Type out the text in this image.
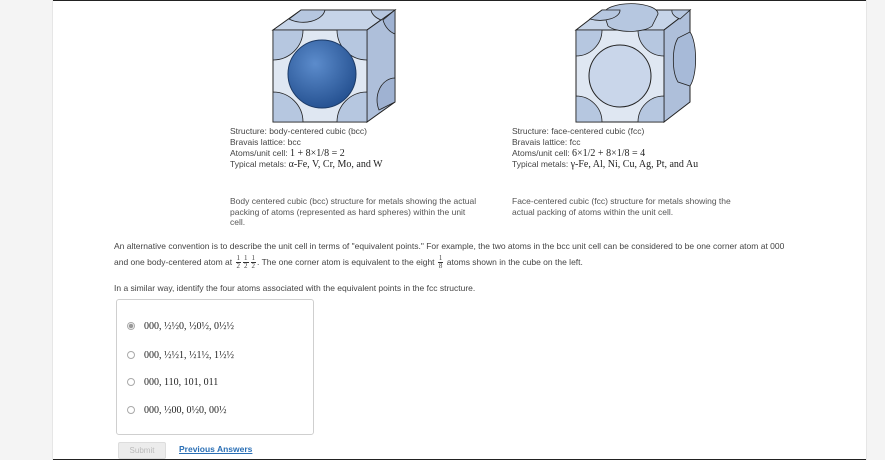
Structure: body-centered cubic (bcc)
Bravais lattice: bcc
Atoms/unit cell: 1 + 8×1/8 = 2
Typical metals: α-Fe, V, Cr, Mo, and W
Structure: face-centered cubic (fcc)
Bravais lattice: fcc
Atoms/unit cell: 6×1/2 + 8×1/8 = 4
Typical metals: γ-Fe, Al, Ni, Cu, Ag, Pt, and Au
Body centered cubic (bcc) structure for metals showing the actual packing of atoms (represented as hard spheres) within the unit cell.
Face-centered cubic (fcc) structure for metals showing the actual packing of atoms within the unit cell.
An alternative convention is to describe the unit cell in terms of "equivalent points." For example, the two atoms in the bcc unit cell can be considered to be one corner atom at 000
and one body-centered atom at $\frac{1}{2} \frac{1}{2} \frac{1}{2}$ . The one corner atom is equivalent to the eight $\frac{1}{8}$ atoms shown in the cube on the left.
In a similar way, identify the four atoms associated with the equivalent points in the fcc structure.
000, ½½0, ½0½, 0½½
000, ½½1, ½1½, 1½½
000, 110, 101, 011
000, ½00, 0½0, 00½
Submit	Previous Answers
